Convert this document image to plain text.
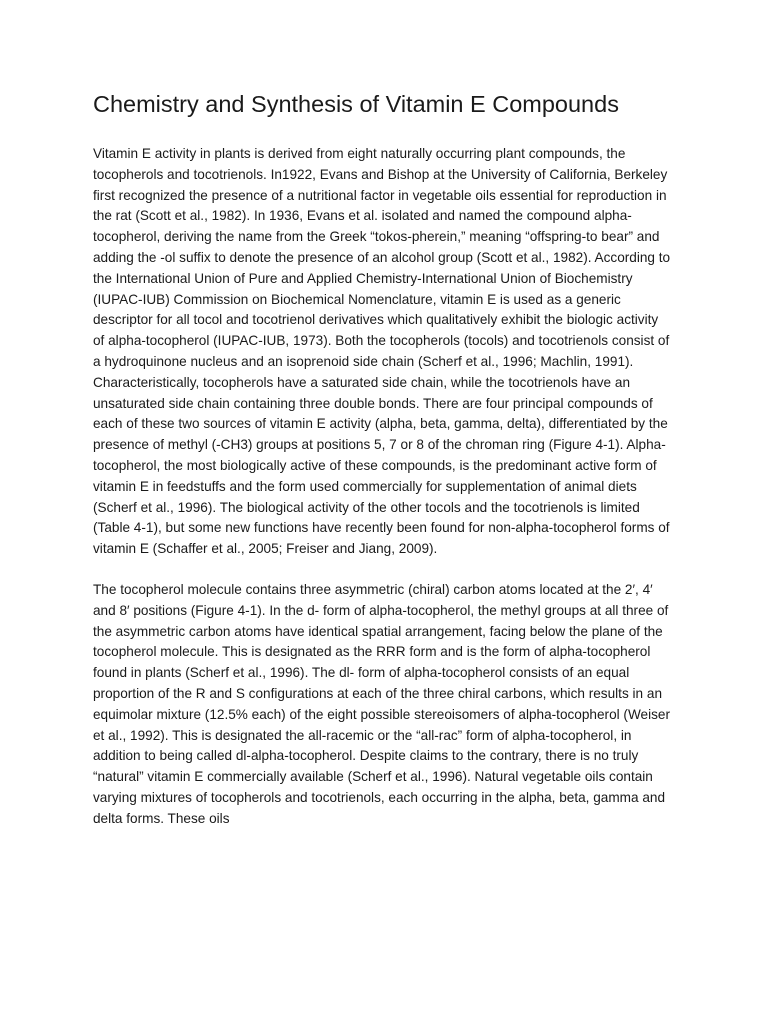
Chemistry and Synthesis of Vitamin E Compounds

Vitamin E activity in plants is derived from eight naturally occurring plant compounds, the tocopherols and tocotrienols. In1922, Evans and Bishop at the University of California, Berkeley first recognized the presence of a nutritional factor in vegetable oils essential for reproduction in the rat (Scott et al., 1982). In 1936, Evans et al. isolated and named the compound alpha-tocopherol, deriving the name from the Greek “tokos-pherein,” meaning “offspring-to bear” and adding the -ol suffix to denote the presence of an alcohol group (Scott et al., 1982). According to the International Union of Pure and Applied Chemistry-International Union of Biochemistry (IUPAC-IUB) Commission on Biochemical Nomenclature, vitamin E is used as a generic descriptor for all tocol and tocotrienol derivatives which qualitatively exhibit the biologic activity of alpha-tocopherol (IUPAC-IUB, 1973). Both the tocopherols (tocols) and tocotrienols consist of a hydroquinone nucleus and an isoprenoid side chain (Scherf et al., 1996; Machlin, 1991). Characteristically, tocopherols have a saturated side chain, while the tocotrienols have an unsaturated side chain containing three double bonds. There are four principal compounds of each of these two sources of vitamin E activity (alpha, beta, gamma, delta), differentiated by the presence of methyl (-CH3) groups at positions 5, 7 or 8 of the chroman ring (Figure 4-1). Alpha-tocopherol, the most biologically active of these compounds, is the predominant active form of vitamin E in feedstuffs and the form used commercially for supplementation of animal diets (Scherf et al., 1996). The biological activity of the other tocols and the tocotrienols is limited (Table 4-1), but some new functions have recently been found for non-alpha-tocopherol forms of vitamin E (Schaffer et al., 2005; Freiser and Jiang, 2009).

The tocopherol molecule contains three asymmetric (chiral) carbon atoms located at the 2′, 4′ and 8′ positions (Figure 4-1). In the d- form of alpha-tocopherol, the methyl groups at all three of the asymmetric carbon atoms have identical spatial arrangement, facing below the plane of the tocopherol molecule. This is designated as the RRR form and is the form of alpha-tocopherol found in plants (Scherf et al., 1996). The dl- form of alpha-tocopherol consists of an equal proportion of the R and S configurations at each of the three chiral carbons, which results in an equimolar mixture (12.5% each) of the eight possible stereoisomers of alpha-tocopherol (Weiser et al., 1992). This is designated the all-racemic or the “all-rac” form of alpha-tocopherol, in addition to being called dl-alpha-tocopherol. Despite claims to the contrary, there is no truly “natural” vitamin E commercially available (Scherf et al., 1996). Natural vegetable oils contain varying mixtures of tocopherols and tocotrienols, each occurring in the alpha, beta, gamma and delta forms. These oils
